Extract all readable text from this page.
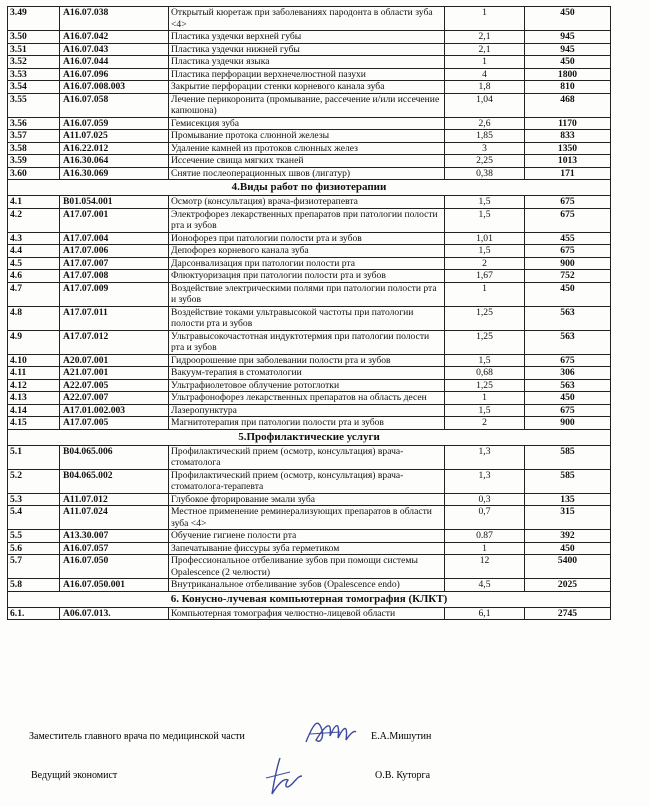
3.49	A16.07.038	Открытый кюретаж при заболеваниях пародонта в области зуба <4>	1	450
3.50	A16.07.042	Пластика уздечки верхней губы	2,1	945
3.51	A16.07.043	Пластика уздечки нижней губы	2,1	945
3.52	A16.07.044	Пластика уздечки языка	1	450
3.53	A16.07.096	Пластика перфорации верхнечелюстной пазухи	4	1800
3.54	A16.07.008.003	Закрытие перфорации стенки корневого канала зуба	1,8	810
3.55	A16.07.058	Лечение перикоронита (промывание, рассечение и/или иссечение капюшона)	1,04	468
3.56	A16.07.059	Гемисекция зуба	2,6	1170
3.57	A11.07.025	Промывание протока слюнной железы	1,85	833
3.58	A16.22.012	Удаление камней из протоков слюнных желез	3	1350
3.59	A16.30.064	Иссечение свища мягких тканей	2,25	1013
3.60	A16.30.069	Снятие послеоперационных швов (лигатур)	0,38	171
4.Виды работ по физиотерапии				
4.1	B01.054.001	Осмотр (консультация) врача-физиотерапевта	1,5	675
4.2	A17.07.001	Электрофорез лекарственных препаратов при патологии полости рта и зубов	1,5	675
4.3	A17.07.004	Ионофорез при патологии полости рта и зубов	1,01	455
4.4	A17.07.006	Депофорез корневого канала зуба	1,5	675
4.5	A17.07.007	Дарсонвализация при патологии полости рта	2	900
4.6	A17.07.008	Флюктуоризация при патологии полости рта и зубов	1,67	752
4.7	A17.07.009	Воздействие электрическими полями при патологии полости рта и зубов	1	450
4.8	A17.07.011	Воздействие токами ультравысокой частоты при патологии полости рта и зубов	1,25	563
4.9	A17.07.012	Ультравысокочастотная индуктотермия при патологии полости рта и зубов	1,25	563
4.10	A20.07.001	Гидроорошение при заболевании полости рта и зубов	1,5	675
4.11	A21.07.001	Вакуум-терапия в стоматологии	0,68	306
4.12	A22.07.005	Ультрафиолетовое облучение ротоглотки	1,25	563
4.13	A22.07.007	Ультрафонофорез лекарственных препаратов на область десен	1	450
4.14	A17.01.002.003	Лазеропунктура	1,5	675
4.15	A17.07.005	Магнитотерапия при патологии полости рта и зубов	2	900
5.Профилактические услуги				
5.1	B04.065.006	Профилактический прием (осмотр, консультация) врача-стоматолога	1,3	585
5.2	B04.065.002	Профилактический прием (осмотр, консультация) врача-стоматолога-терапевта	1,3	585
5.3	A11.07.012	Глубокое фторирование эмали зуба	0,3	135
5.4	A11.07.024	Местное применение реминерализующих препаратов в области зуба <4>	0,7	315
5.5	A13.30.007	Обучение гигиене полости рта	0.87	392
5.6	A16.07.057	Запечатывание фиссуры зуба герметиком	1	450
5.7	A16.07.050	Профессиональное отбеливание зубов при помощи системы Opalescence (2 челюсти)	12	5400
5.8	A16.07.050.001	Внутриканальное отбеливание зубов (Opalescence endo)	4,5	2025
6. Конусно-лучевая компьютерная томография (КЛКТ)				
6.1.	A06.07.013.	Компьютерная томография челюстно-лицевой области	6,1	2745
Заместитель главного врача по медицинской части	Е.А.Мишутин
Ведущий экономист	О.В. Куторга
